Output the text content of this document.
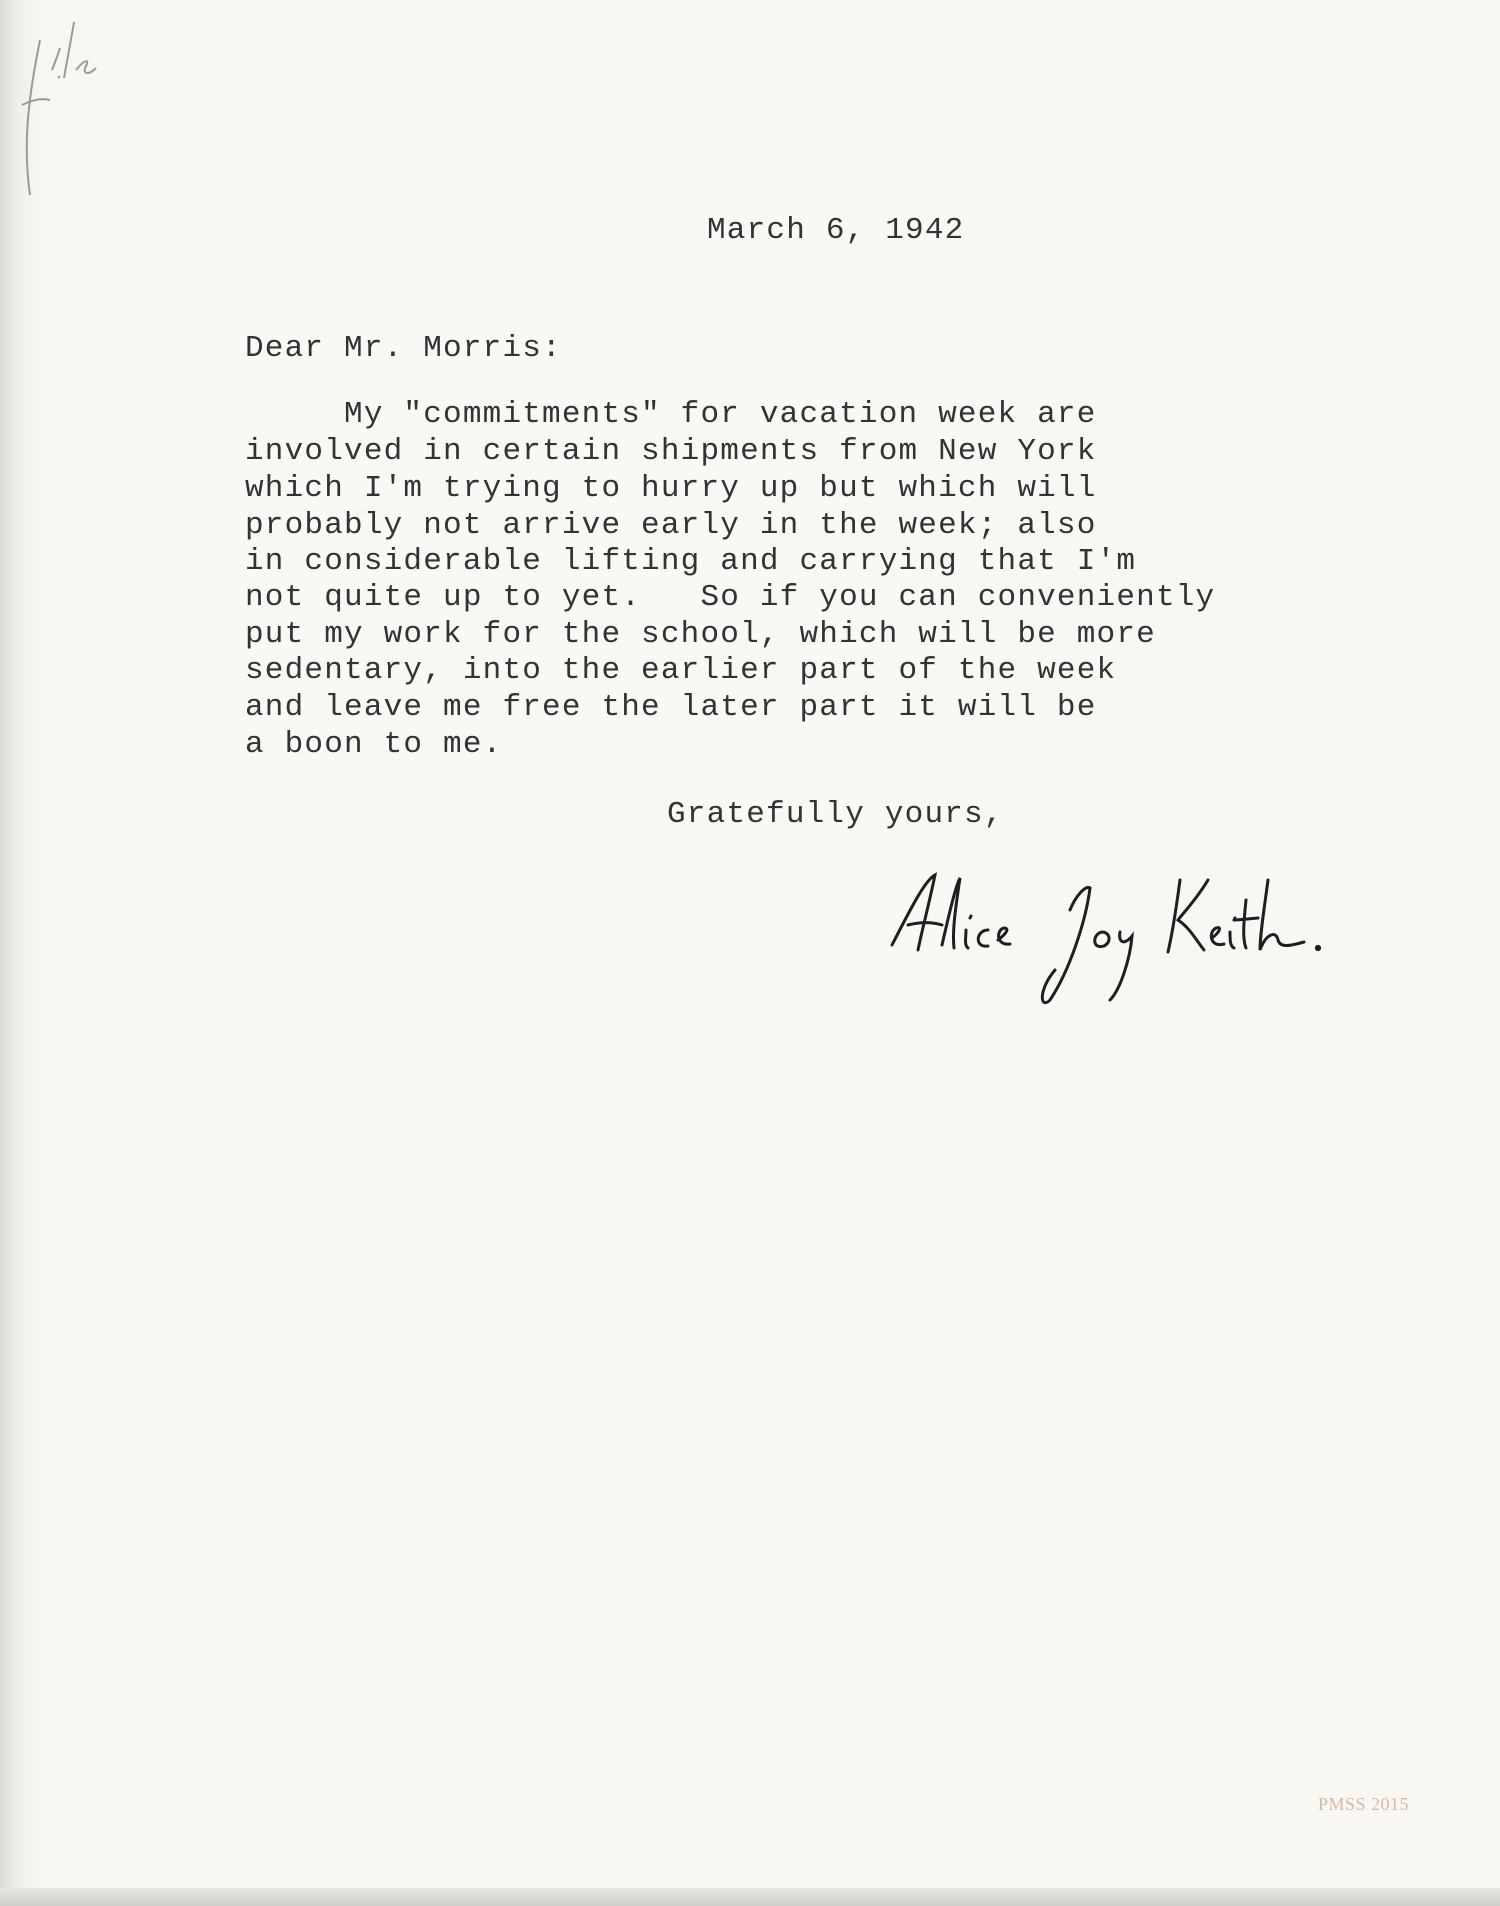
March 6, 1942

Dear Mr. Morris:

My "commitments" for vacation week are

involved in certain shipments from New York

which I'm trying to hurry up but which will

probably not arrive early in the week; also

in considerable lifting and carrying that I'm

not quite up to yet.   So if you can conveniently

put my work for the school, which will be more

sedentary, into the earlier part of the week

and leave me free the later part it will be

a boon to me.

Gratefully yours,

PMSS 2015
